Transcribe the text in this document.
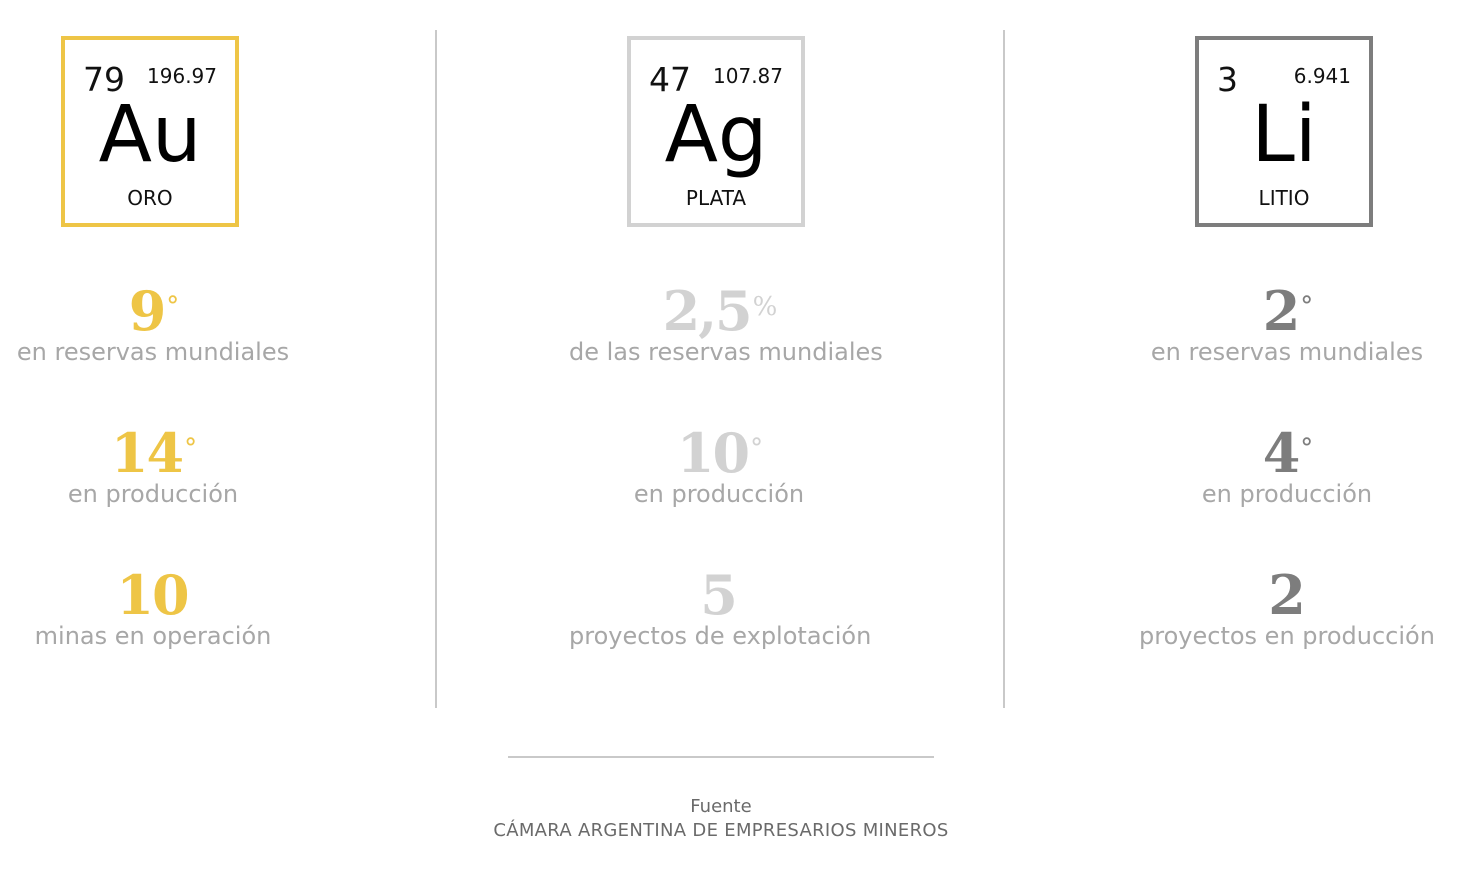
79 196.97
Au
ORO
9°
en reservas mundiales
14°
en producción
10
minas en operación
47 107.87
Ag
PLATA
2,5%
de las reservas mundiales
10°
en producción
5
proyectos de explotación
3	6.941
Li
LITIO
2°
en reservas mundiales
4°
en producción
2
proyectos en producción
Fuente
CÁMARA ARGENTINA DE EMPRESARIOS MINEROS
